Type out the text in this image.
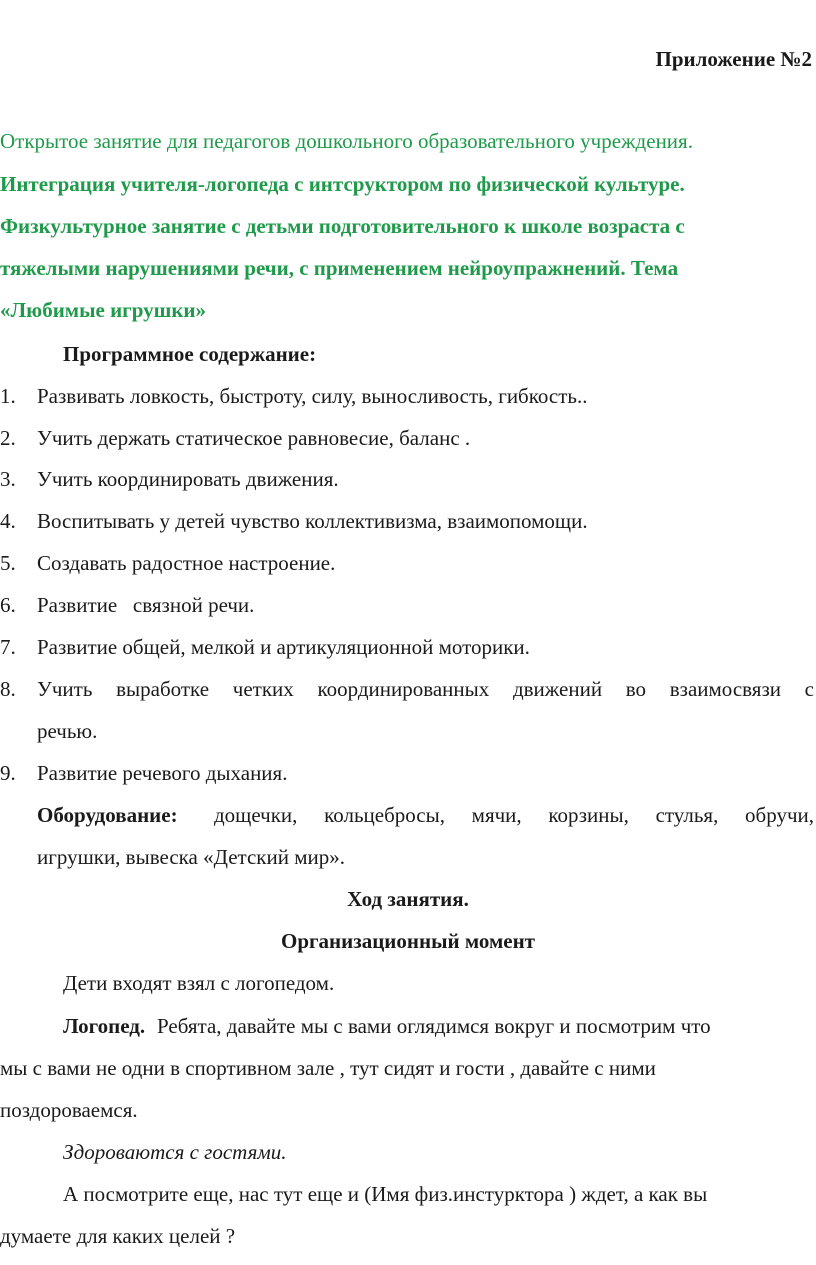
Приложение №2
Открытое занятие для педагогов дошкольного образовательного учреждения.
Интеграция учителя-логопеда с интсруктором по физической культуре.
Физкультурное занятие с детьми подготовительного к школе возраста с
тяжелыми нарушениями речи, с применением нейроупражнений. Тема
«Любимые игрушки»
Программное содержание:
1.	Развивать ловкость, быстроту, силу, выносливость, гибкость..
2.	Учить держать статическое равновесие, баланс .
3.	Учить координировать движения.
4.	Воспитывать у детей чувство коллективизма, взаимопомощи.
5.	Создавать радостное настроение.
6.	Развитие   связной речи.
7.	Развитие общей, мелкой и артикуляционной моторики.
8.	Учить выработке четких координированных движений во взаимосвязи с
речью.
9.	Развитие речевого дыхания.
Оборудование: дощечки, кольцебросы, мячи, корзины, стулья, обручи,
игрушки, вывеска «Детский мир».
Ход занятия.
Организационный момент
Дети входят взял с логопедом.
Логопед. Ребята, давайте мы с вами оглядимся вокруг и посмотрим что
мы с вами не одни в спортивном зале , тут сидят и гости , давайте с ними
поздороваемся.
Здороваются с гостями.
А посмотрите еще, нас тут еще и (Имя физ.инстурктора ) ждет, а как вы
думаете для каких целей ?
